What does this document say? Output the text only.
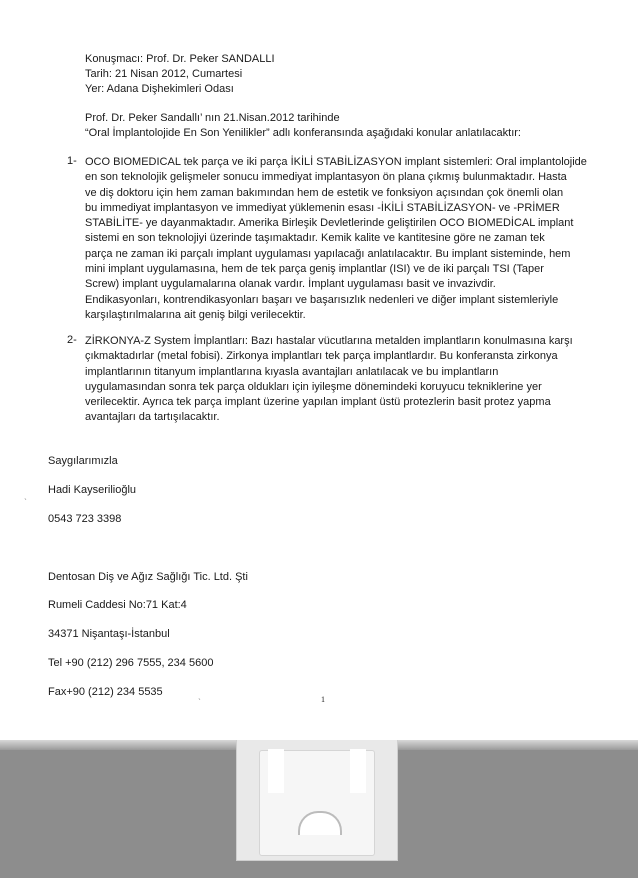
Konuşmacı: Prof. Dr. Peker SANDALLI
Tarih: 21 Nisan 2012, Cumartesi
Yer: Adana Dişhekimleri Odası
Prof. Dr. Peker Sandallı’ nın 21.Nisan.2012 tarihinde
“Oral İmplantolojide En Son Yenilikler” adlı konferansında aşağıdaki konular anlatılacaktır:
1- OCO BIOMEDICAL tek parça ve iki parça İKİLİ STABİLİZASYON implant sistemleri: Oral implantolojide
en son teknolojik gelişmeler sonucu immediyat implantasyon ön plana çıkmış bulunmaktadır. Hasta
ve diş doktoru için hem zaman bakımından hem de estetik ve fonksiyon açısından çok önemli olan
bu immediyat implantasyon ve immediyat yüklemenin esası -İKİLİ STABİLİZASYON- ve -PRİMER
STABİLİTE- ye dayanmaktadır. Amerika Birleşik Devletlerinde geliştirilen OCO BIOMEDİCAL implant
sistemi en son teknolojiyi üzerinde taşımaktadır. Kemik kalite ve kantitesine göre ne zaman tek
parça ne zaman iki parçalı implant uygulaması yapılacağı anlatılacaktır. Bu implant sisteminde, hem
mini implant uygulamasına, hem de tek parça geniş implantlar (ISI) ve de iki parçalı TSI (Taper
Screw) implant uygulamalarına olanak vardır. İmplant uygulaması basit ve invazivdir.
Endikasyonları, kontrendikasyonları başarı ve başarısızlık nedenleri ve diğer implant sistemleriyle
karşılaştırılmalarına ait geniş bilgi verilecektir.
2- ZİRKONYA-Z System İmplantları: Bazı hastalar vücutlarına metalden implantların konulmasına karşı
çıkmaktadırlar (metal fobisi). Zirkonya implantları tek parça implantlardır. Bu konferansta zirkonya
implantlarının titanyum implantlarına kıyasla avantajları anlatılacak ve bu implantların
uygulamasından sonra tek parça oldukları için iyileşme dönemindeki koruyucu tekniklerine yer
verilecektir. Ayrıca tek parça implant üzerine yapılan implant üstü protezlerin basit protez yapma
avantajları da tartışılacaktır.
Saygılarımızla
Hadi Kayserilioğlu
0543 723 3398
Dentosan Diş ve Ağız Sağlığı Tic. Ltd. Şti
Rumeli Caddesi No:71 Kat:4
34371 Nişantaşı-İstanbul
Tel +90 (212) 296 7555, 234 5600
Fax+90 (212) 234 5535
1
ˎ
ˎ
